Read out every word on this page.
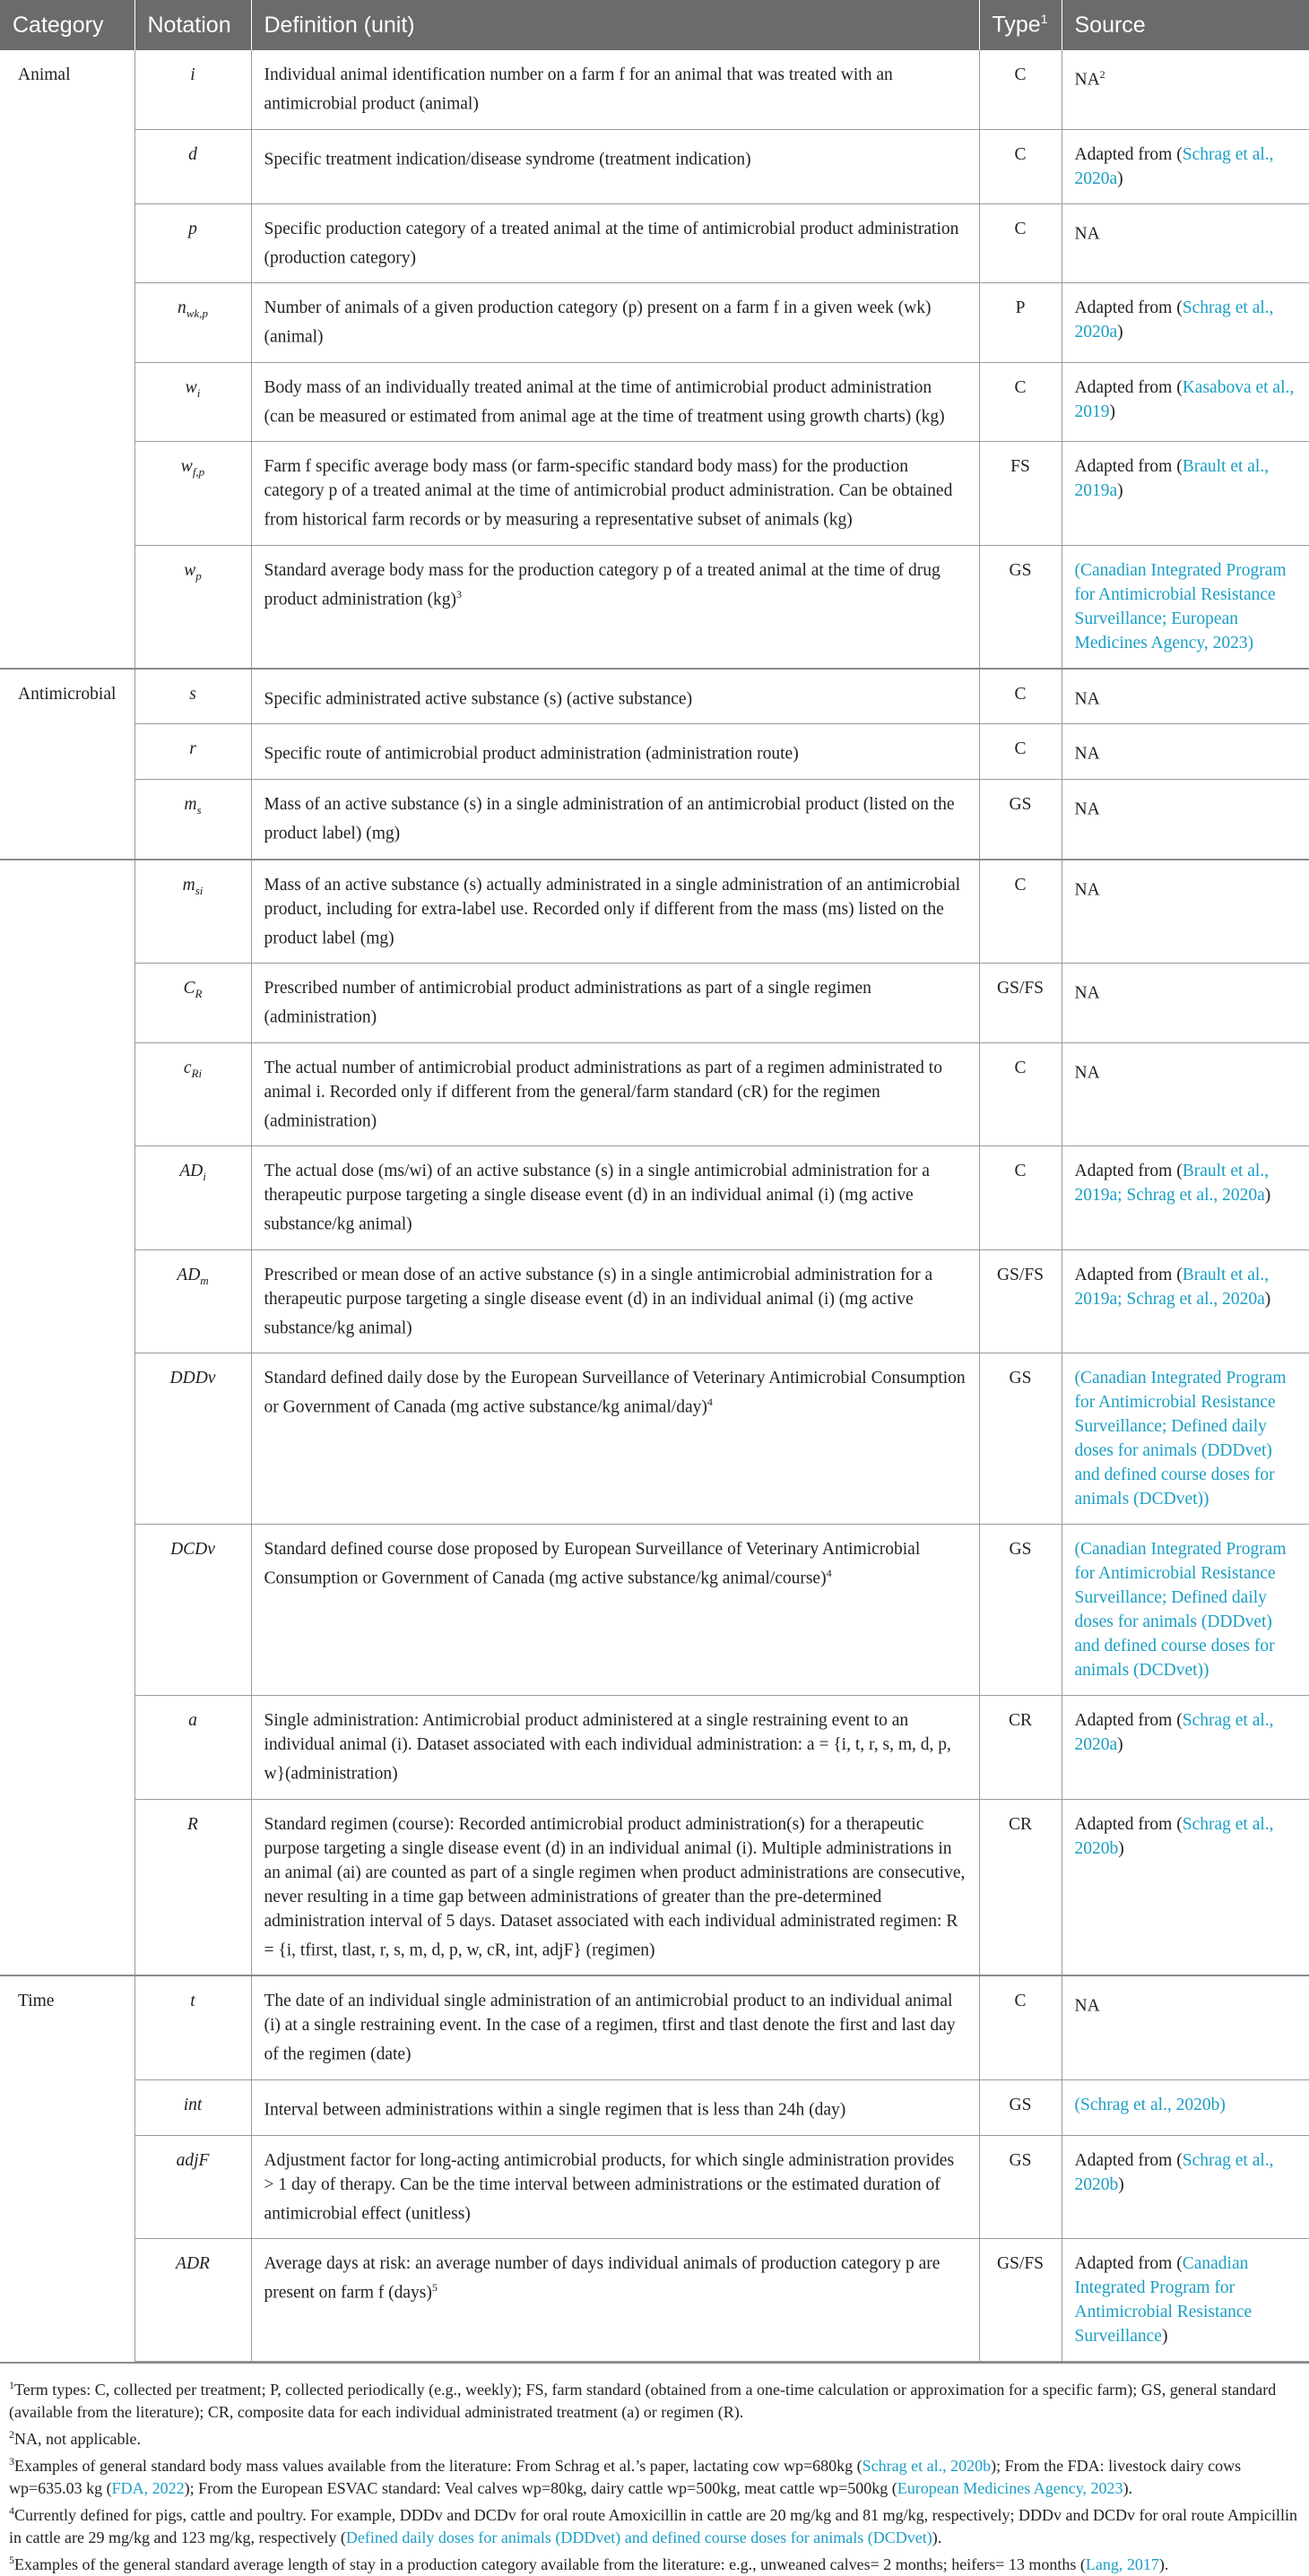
Category	Notation	Definition (unit)	Type$^1$	Source
Animal	i	Individual animal identification number on a farm f for an animal that was treated with an antimicrobial product (animal)	C	$NA^2$
	d	Specific treatment indication/disease syndrome (treatment indication)	C	Adapted from (Schrag et al., 2020a)
	p	Specific production category of a treated animal at the time of antimicrobial product administration (production category)	C	NA
	$n_{wk,p}$	Number of animals of a given production category (p) present on a farm f in a given week (wk) (animal)	P	Adapted from (Schrag et al., 2020a)
	$w_i$	Body mass of an individually treated animal at the time of antimicrobial product administration (can be measured or estimated from animal age at the time of treatment using growth charts) (kg)	C	Adapted from (Kasabova et al., 2019)
	$w_{f,p}$	Farm f specific average body mass (or farm-specific standard body mass) for the production category p of a treated animal at the time of antimicrobial product administration. Can be obtained from historical farm records or by measuring a representative subset of animals (kg)	FS	Adapted from (Brault et al., 2019a)
	$w_p$	Standard average body mass for the production category p of a treated animal at the time of drug product administration (kg)$^3$	GS	(Canadian Integrated Program for Antimicrobial Resistance Surveillance; European Medicines Agency, 2023)
Antimicrobial	s	Specific administrated active substance (s) (active substance)	C	NA
	r	Specific route of antimicrobial product administration (administration route)	C	NA
	$m_s$	Mass of an active substance (s) in a single administration of an antimicrobial product (listed on the product label) (mg)	GS	NA
	$m_{si}$	Mass of an active substance (s) actually administrated in a single administration of an antimicrobial product, including for extra-label use. Recorded only if different from the mass (ms) listed on the product label (mg)	C	NA
	$C_R$	Prescribed number of antimicrobial product administrations as part of a single regimen (administration)	GS/FS	NA
	$c_{Ri}$	The actual number of antimicrobial product administrations as part of a regimen administrated to animal i. Recorded only if different from the general/farm standard (cR) for the regimen (administration)	C	NA
	$AD_i$	The actual dose (ms/wi) of an active substance (s) in a single antimicrobial administration for a therapeutic purpose targeting a single disease event (d) in an individual animal (i) (mg active substance/kg animal)	C	Adapted from (Brault et al., 2019a; Schrag et al., 2020a)
	$AD_m$	Prescribed or mean dose of an active substance (s) in a single antimicrobial administration for a therapeutic purpose targeting a single disease event (d) in an individual animal (i) (mg active substance/kg animal)	GS/FS	Adapted from (Brault et al., 2019a; Schrag et al., 2020a)
	DDDv	Standard defined daily dose by the European Surveillance of Veterinary Antimicrobial Consumption or Government of Canada (mg active substance/kg animal/day)$^4$	GS	(Canadian Integrated Program for Antimicrobial Resistance Surveillance; Defined daily doses for animals (DDDvet) and defined course doses for animals (DCDvet))
	DCDv	Standard defined course dose proposed by European Surveillance of Veterinary Antimicrobial Consumption or Government of Canada (mg active substance/kg animal/course)$^4$	GS	(Canadian Integrated Program for Antimicrobial Resistance Surveillance; Defined daily doses for animals (DDDvet) and defined course doses for animals (DCDvet))
	a	Single administration: Antimicrobial product administered at a single restraining event to an individual animal (i). Dataset associated with each individual administration: a = {i, t, r, s, m, d, p, w}(administration)	CR	Adapted from (Schrag et al., 2020a)
	R	Standard regimen (course): Recorded antimicrobial product administration(s) for a therapeutic purpose targeting a single disease event (d) in an individual animal (i). Multiple administrations in an animal (ai) are counted as part of a single regimen when product administrations are consecutive, never resulting in a time gap between administrations of greater than the pre-determined administration interval of 5 days. Dataset associated with each individual administrated regimen: R = {i, tfirst, tlast, r, s, m, d, p, w, cR, int, adjF} (regimen)	CR	Adapted from (Schrag et al., 2020b)
Time	t	The date of an individual single administration of an antimicrobial product to an individual animal (i) at a single restraining event. In the case of a regimen, tfirst and tlast denote the first and last day of the regimen (date)	C	NA
	int	Interval between administrations within a single regimen that is less than 24h (day)	GS	(Schrag et al., 2020b)
	adjF	Adjustment factor for long-acting antimicrobial products, for which single administration provides > 1 day of therapy. Can be the time interval between administrations or the estimated duration of antimicrobial effect (unitless)	GS	Adapted from (Schrag et al., 2020b)
	ADR	Average days at risk: an average number of days individual animals of production category p are present on farm f (days)$^5$	GS/FS	Adapted from (Canadian Integrated Program for Antimicrobial Resistance Surveillance)

$^1$Term types: C, collected per treatment; P, collected periodically (e.g., weekly); FS, farm standard (obtained from a one-time calculation or approximation for a specific farm); GS, general standard (available from the literature); CR, composite data for each individual administrated treatment (a) or regimen (R).

$^2$NA, not applicable.

$^3$Examples of general standard body mass values available from the literature: From Schrag et al.’s paper, lactating cow wp=680kg (Schrag et al., 2020b); From the FDA: livestock dairy cows wp=635.03 kg (FDA, 2022); From the European ESVAC standard: Veal calves wp=80kg, dairy cattle wp=500kg, meat cattle wp=500kg (European Medicines Agency, 2023).

$^4$Currently defined for pigs, cattle and poultry. For example, DDDv and DCDv for oral route Amoxicillin in cattle are 20 mg/kg and 81 mg/kg, respectively; DDDv and DCDv for oral route Ampicillin in cattle are 29 mg/kg and 123 mg/kg, respectively (Defined daily doses for animals (DDDvet) and defined course doses for animals (DCDvet)).

$^5$Examples of the general standard average length of stay in a production category available from the literature: e.g., unweaned calves= 2 months; heifers= 13 months (Lang, 2017).
